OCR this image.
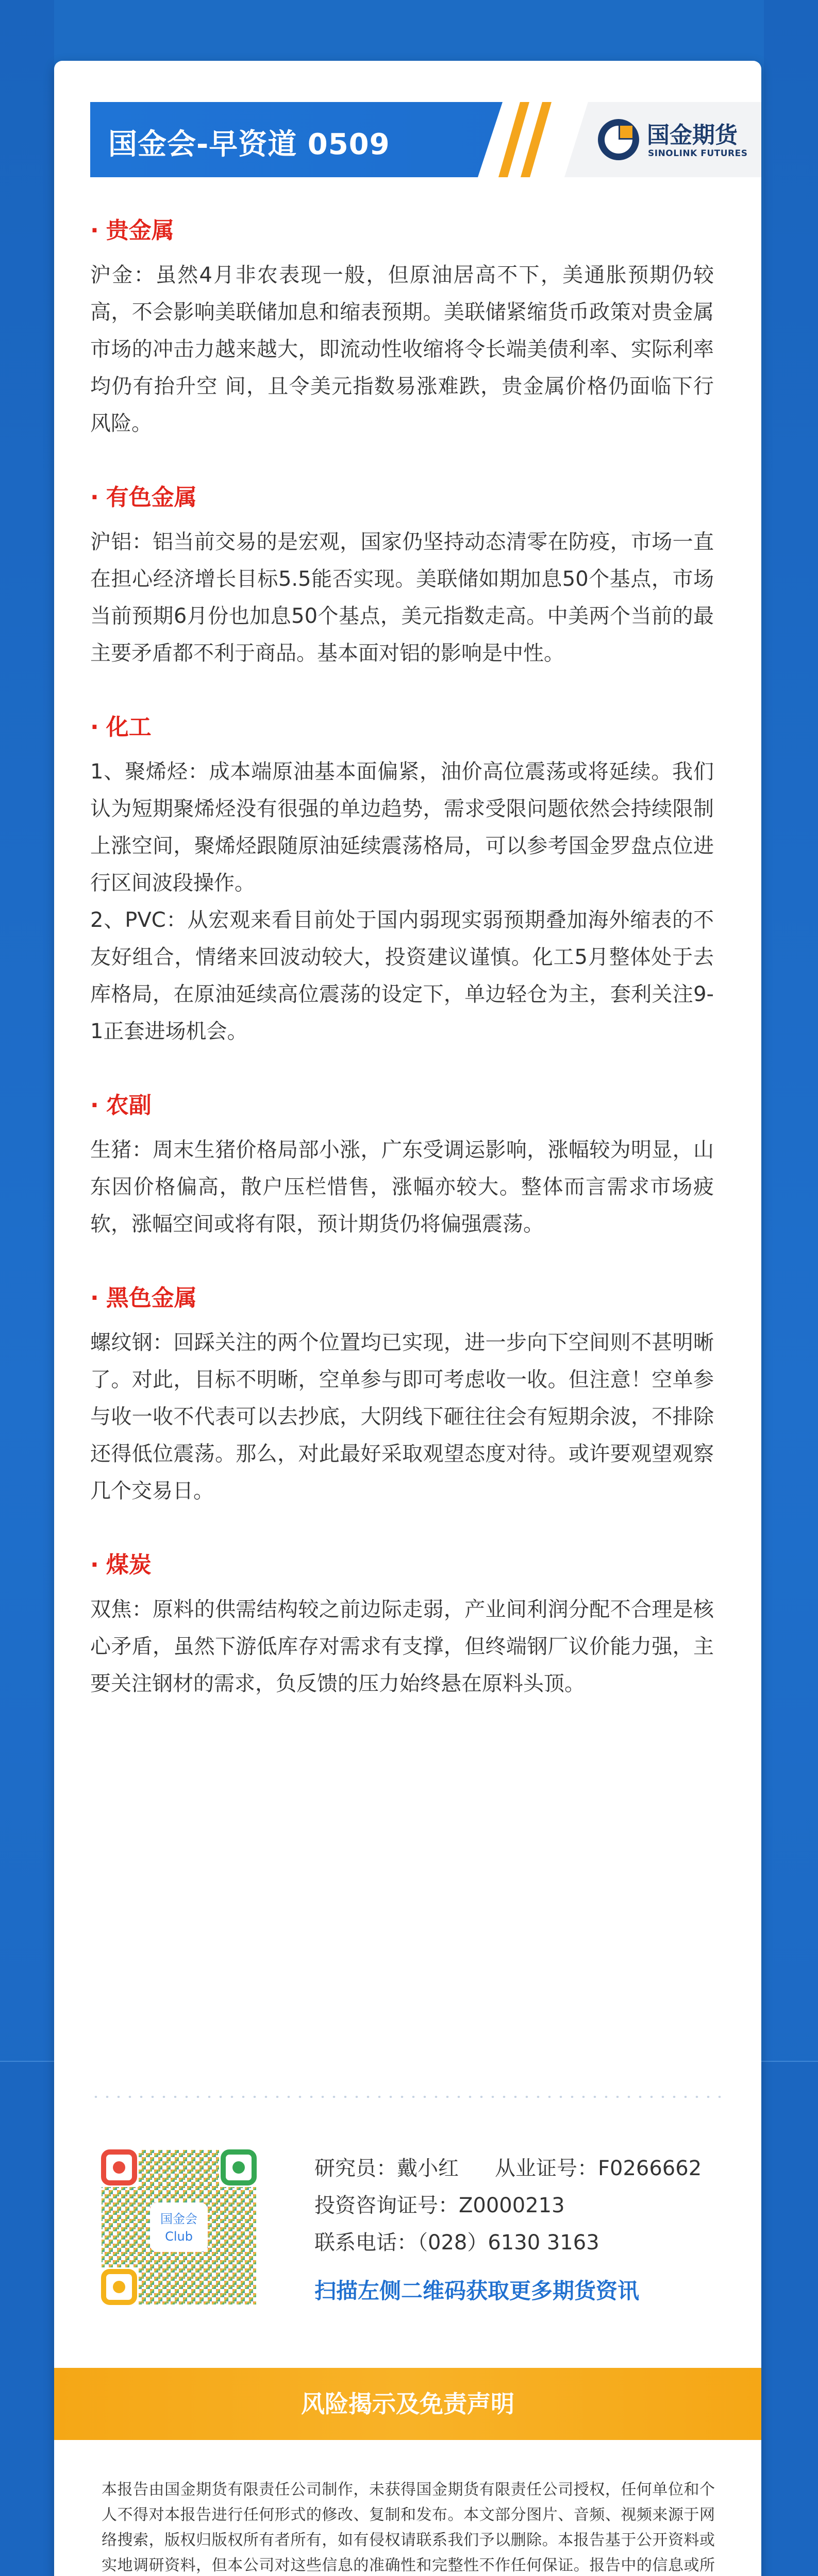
国金会-早资道 0509	国金期货
SINOLINK FUTURES
· 贵金属

沪金：虽然4月非农表现一般，但原油居高不下，美通胀预期仍较高，不会影响美联储加息和缩表预期。美联储紧缩货币政策对贵金属市场的冲击力越来越大，即流动性收缩将令长端美债利率、实际利率均仍有抬升空 间，且令美元指数易涨难跌，贵金属价格仍面临下行风险。

· 有色金属

沪铝：铝当前交易的是宏观，国家仍坚持动态清零在防疫，市场一直在担心经济增长目标5.5能否实现。美联储如期加息50个基点，市场当前预期6月份也加息50个基点，美元指数走高。中美两个当前的最主要矛盾都不利于商品。基本面对铝的影响是中性。

· 化工

1、聚烯烃：成本端原油基本面偏紧，油价高位震荡或将延续。我们认为短期聚烯烃没有很强的单边趋势，需求受限问题依然会持续限制上涨空间，聚烯烃跟随原油延续震荡格局，可以参考国金罗盘点位进行区间波段操作。

2、PVC：从宏观来看目前处于国内弱现实弱预期叠加海外缩表的不友好组合，情绪来回波动较大，投资建议谨慎。化工5月整体处于去库格局，在原油延续高位震荡的设定下，单边轻仓为主，套利关注9-1正套进场机会。

· 农副

生猪：周末生猪价格局部小涨，广东受调运影响，涨幅较为明显，山东因价格偏高，散户压栏惜售，涨幅亦较大。整体而言需求市场疲软，涨幅空间或将有限，预计期货仍将偏强震荡。

· 黑色金属

螺纹钢：回踩关注的两个位置均已实现，进一步向下空间则不甚明晰了。对此，目标不明晰，空单参与即可考虑收一收。但注意！空单参与收一收不代表可以去抄底，大阴线下砸往往会有短期余波，不排除还得低位震荡。那么，对此最好采取观望态度对待。或许要观望观察几个交易日。

· 煤炭

双焦：原料的供需结构较之前边际走弱，产业间利润分配不合理是核心矛盾，虽然下游低库存对需求有支撑，但终端钢厂议价能力强，主要关注钢材的需求，负反馈的压力始终悬在原料头顶。

国金会
Club
研究员：戴小红 从业证号：F0266662
投资咨询证号：Z0000213
联系电话：（028）6130 3163
扫描左侧二维码获取更多期货资讯
风险揭示及免责声明
本报告由国金期货有限责任公司制作，未获得国金期货有限责任公司授权，任何单位和个人不得对本报告进行任何形式的修改、复制和发布。本文部分图片、音频、视频来源于网络搜索，版权归版权所有者所有，如有侵权请联系我们予以删除。本报告基于公开资料或实地调研资料，但本公司对这些信息的准确性和完整性不作任何保证。报告中的信息或所
